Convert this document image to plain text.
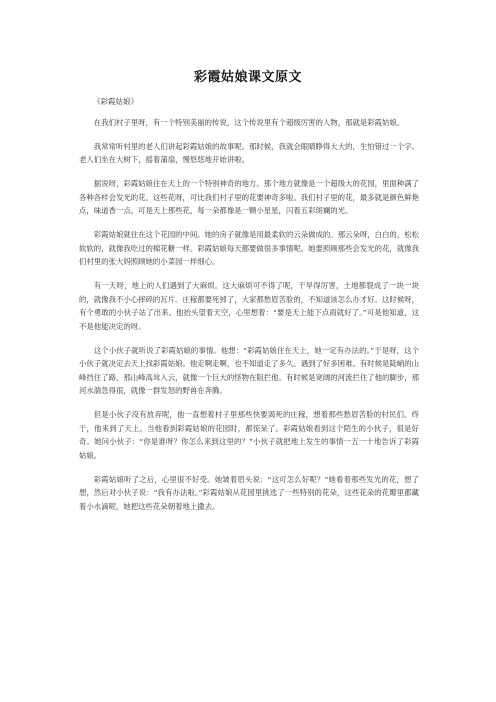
彩霞姑娘课文原文
《彩霞姑娘》

在我们村子里呀，有一个特别美丽的传说，这个传说里有个超级厉害的人物，那就是彩霞姑娘。

我常常听村里的老人们讲起彩霞姑娘的故事呢。那时候，我就会眼睛睁得大大的，生怕错过一个字。老人们坐在大树下，摇着蒲扇，慢悠悠地开始讲啦。

据说呀，彩霞姑娘住在天上的一个特别神奇的地方。那个地方就像是一个超级大的花园，里面种满了各种各样会发光的花。这些花呀，可比我们村子里的花要神奇多啦。我们村子里的花，最多就是颜色鲜艳点，味道香一点。可是天上那些花，每一朵都像是一颗小星星，闪着五彩斑斓的光。

彩霞姑娘就住在这个花园的中间。她的房子就像是用最柔软的云朵做成的。那云朵呀，白白的，松松软软的，就像我吃过的棉花糖一样。彩霞姑娘每天都要做很多事情呢。她要照顾那些会发光的花，就像我们村里的张大妈照顾她的小菜园一样细心。

有一天呀，地上的人们遇到了大麻烦。这大麻烦可不得了呢，干旱得厉害，土地都裂成了一块一块的，就像我不小心摔碎的瓦片。庄稼都要死掉了，大家都愁眉苦脸的，不知道该怎么办才好。这时候呀，有个勇敢的小伙子站了出来。他抬头望着天空，心里想着：“要是天上能下点雨就好了。”可是他知道，这不是他能决定的呀。

这个小伙子就听说了彩霞姑娘的事情。他想：“彩霞姑娘住在天上，她一定有办法的。”于是呀，这个小伙子就决定去天上找彩霞姑娘。他走啊走啊，也不知道走了多久。遇到了好多困难。有时候是陡峭的山峰挡住了路，那山峰高耸入云，就像一个巨大的怪物在阻拦他。有时候是宽阔的河流拦住了他的脚步，那河水湍急得很，就像一群发怒的野兽在奔腾。

但是小伙子没有放弃呢，他一直想着村子里那些快要渴死的庄稼，想着那些愁眉苦脸的村民们。终于，他来到了天上。当他看到彩霞姑娘的花园时，都惊呆了。彩霞姑娘看到这个陌生的小伙子，很是好奇。她问小伙子：“你是谁呀？你怎么来到这里的？”小伙子就把地上发生的事情一五一十地告诉了彩霞姑娘。

彩霞姑娘听了之后，心里很不好受。她皱着眉头说：“这可怎么好呢？”她看着那些发光的花，想了想，然后对小伙子说：“我有办法啦。”彩霞姑娘从花园里挑选了一些特别的花朵，这些花朵的花瓣里都藏着小水滴呢。她把这些花朵朝着地上撒去。
